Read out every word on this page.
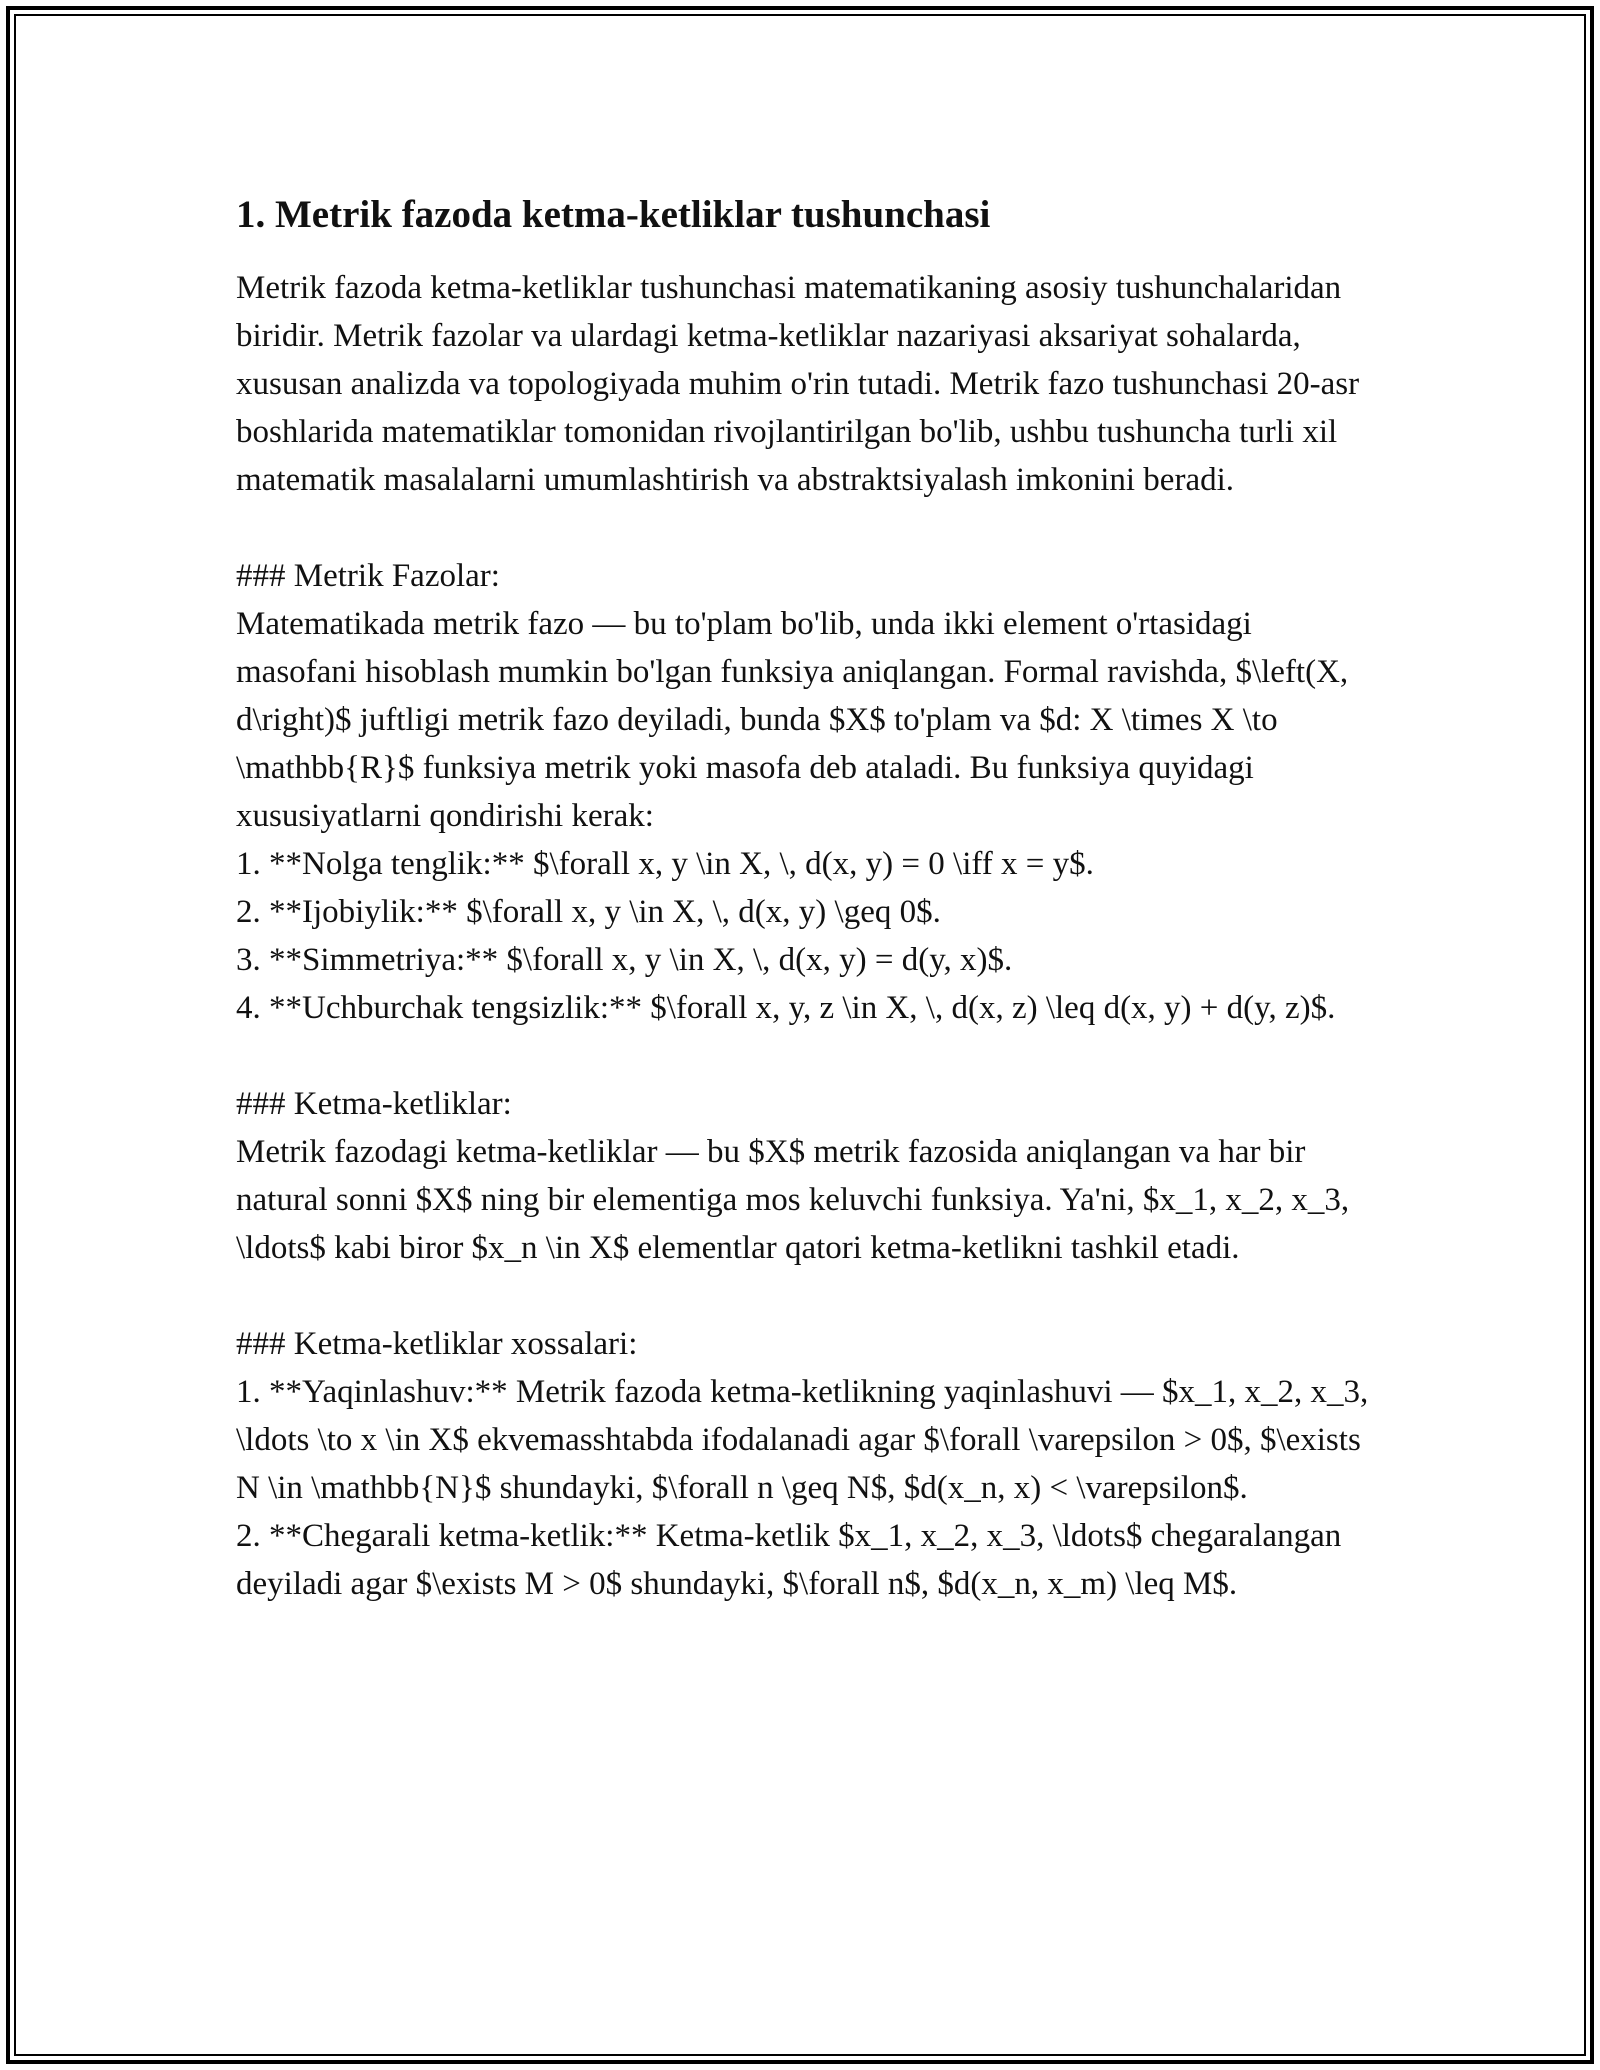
1. Metrik fazoda ketma-ketliklar tushunchasi

Metrik fazoda ketma-ketliklar tushunchasi matematikaning asosiy tushunchalaridan biridir. Metrik fazolar va ulardagi ketma-ketliklar nazariyasi aksariyat sohalarda, xususan analizda va topologiyada muhim o'rin tutadi. Metrik fazo tushunchasi 20-asr boshlarida matematiklar tomonidan rivojlantirilgan bo'lib, ushbu tushuncha turli xil matematik masalalarni umumlashtirish va abstraktsiyalash imkonini beradi.

### Metrik Fazolar:
Matematikada metrik fazo — bu to'plam bo'lib, unda ikki element o'rtasidagi masofani hisoblash mumkin bo'lgan funksiya aniqlangan. Formal ravishda, $\left(X, d\right)$ juftligi metrik fazo deyiladi, bunda $X$ to'plam va $d: X \times X \to \mathbb{R}$ funksiya metrik yoki masofa deb ataladi. Bu funksiya quyidagi xususiyatlarni qondirishi kerak:
1. **Nolga tenglik:** $\forall x, y \in X, \, d(x, y) = 0 \iff x = y$.
2. **Ijobiylik:** $\forall x, y \in X, \, d(x, y) \geq 0$.
3. **Simmetriya:** $\forall x, y \in X, \, d(x, y) = d(y, x)$.
4. **Uchburchak tengsizlik:** $\forall x, y, z \in X, \, d(x, z) \leq d(x, y) + d(y, z)$.
### Ketma-ketliklar:
Metrik fazodagi ketma-ketliklar — bu $X$ metrik fazosida aniqlangan va har bir natural sonni $X$ ning bir elementiga mos keluvchi funksiya. Ya'ni, $x_1, x_2, x_3, \ldots$ kabi biror $x_n \in X$ elementlar qatori ketma-ketlikni tashkil etadi.
### Ketma-ketliklar xossalari:
1. **Yaqinlashuv:** Metrik fazoda ketma-ketlikning yaqinlashuvi — $x_1, x_2, x_3, \ldots \to x \in X$ ekvemasshtabda ifodalanadi agar $\forall \varepsilon > 0$, $\exists N \in \mathbb{N}$ shundayki, $\forall n \geq N$, $d(x_n, x) < \varepsilon$.
2. **Chegarali ketma-ketlik:** Ketma-ketlik $x_1, x_2, x_3, \ldots$ chegaralangan deyiladi agar $\exists M > 0$ shundayki, $\forall n$, $d(x_n, x_m) \leq M$.
